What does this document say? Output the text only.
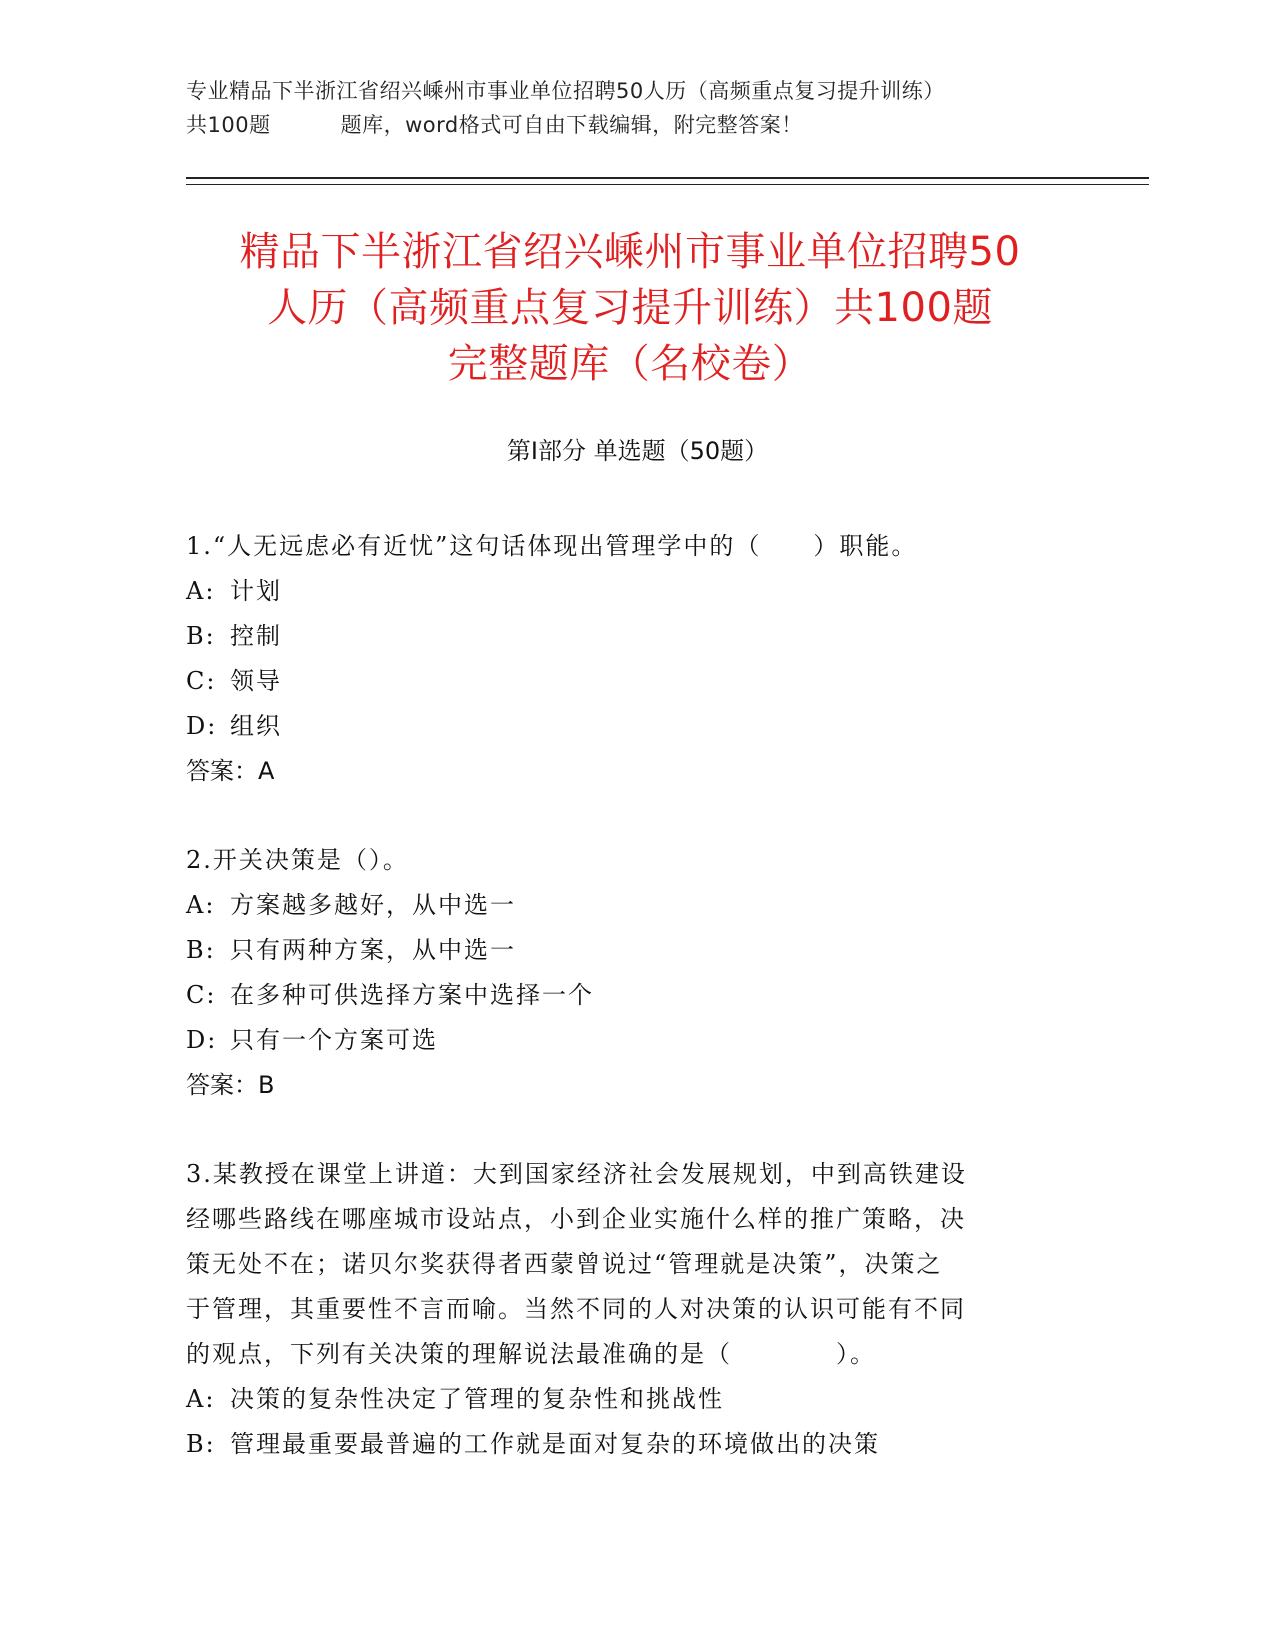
专业精品下半浙江省绍兴嵊州市事业单位招聘50人历（高频重点复习提升训练）
共100题	题库，word格式可自由下载编辑，附完整答案！
精品下半浙江省绍兴嵊州市事业单位招聘50
人历（高频重点复习提升训练）共100题
完整题库（名校卷）
第Ⅰ部分 单选题（50题）
1.“人无远虑必有近忧”这句话体现出管理学中的（　　）职能。
A: 计划
B: 控制
C: 领导
D: 组织
答案：A
2.开关决策是（）。
A: 方案越多越好，从中选一
B: 只有两种方案，从中选一
C: 在多种可供选择方案中选择一个
D: 只有一个方案可选
答案：B
3.某教授在课堂上讲道：大到国家经济社会发展规划，中到高铁建设
经哪些路线在哪座城市设站点，小到企业实施什么样的推广策略，决
策无处不在；诺贝尔奖获得者西蒙曾说过“管理就是决策”，决策之
于管理，其重要性不言而喻。当然不同的人对决策的认识可能有不同
的观点，下列有关决策的理解说法最准确的是（　　　　）。
A: 决策的复杂性决定了管理的复杂性和挑战性
B: 管理最重要最普遍的工作就是面对复杂的环境做出的决策
